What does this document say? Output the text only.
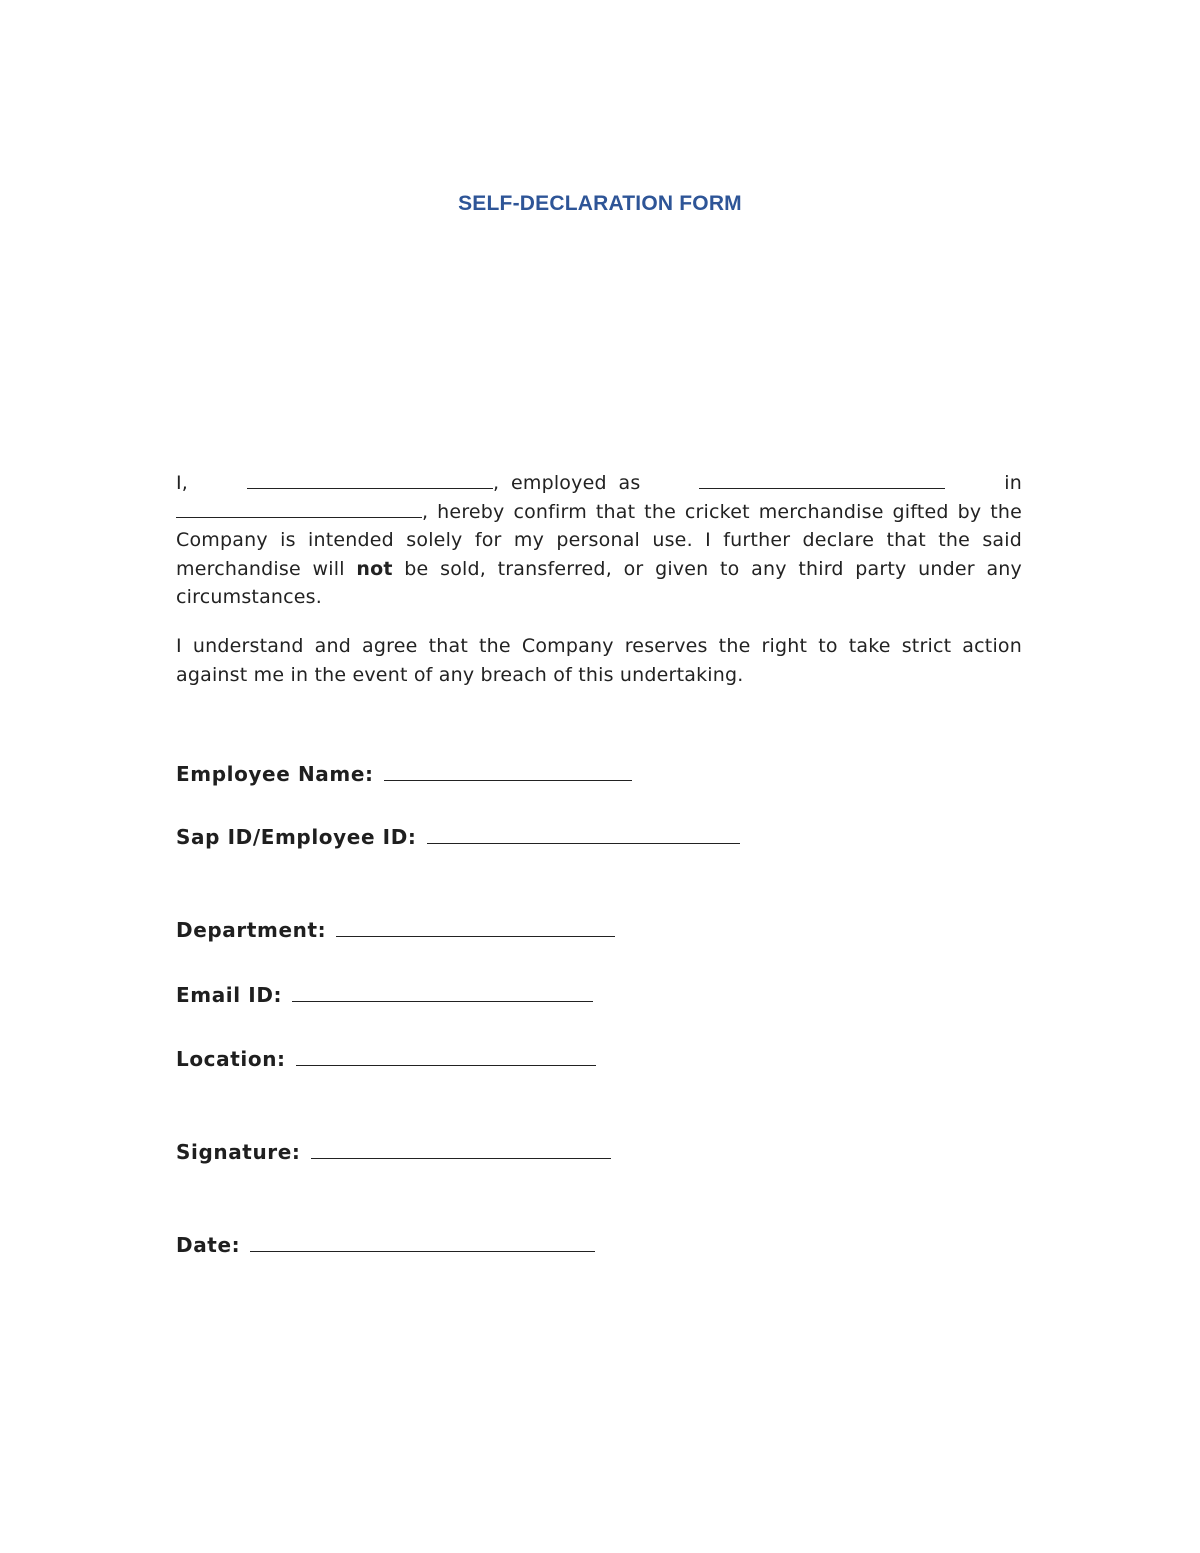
SELF-DECLARATION FORM
I,	, employed as	in , hereby confirm that the cricket merchandise gifted by the Company is intended solely for my personal use. I further declare that the said merchandise will not be sold, transferred, or given to any third party under any circumstances.
I understand and agree that the Company reserves the right to take strict action against me in the event of any breach of this undertaking.
Employee Name:
Sap ID/Employee ID:
Department:
Email ID:
Location:
Signature:
Date:
